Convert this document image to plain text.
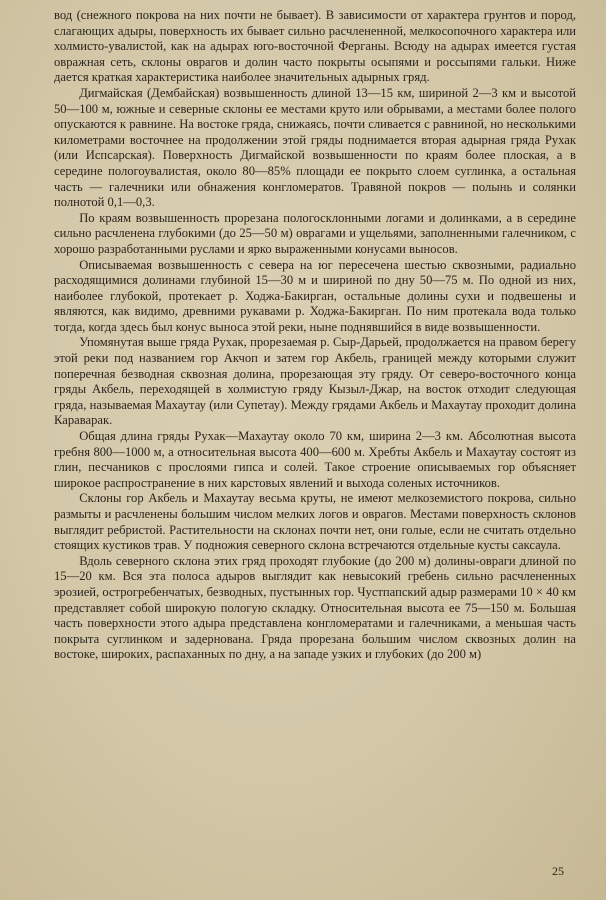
вод (снежного покрова на них почти не бывает). В зависимости от характера грунтов и пород, слагающих адыры, поверхность их бывает сильно расчлененной, мелкосопочного характера или холмисто-увалистой, как на адырах юго-восточной Ферганы. Всюду на адырах имеется густая овражная сеть, склоны оврагов и долин часто покрыты осыпями и россыпями гальки. Ниже дается краткая характеристика наиболее значительных адырных гряд.

Дигмайская (Дембайская) возвышенность длиной 13—15 км, шириной 2—3 км и высотой 50—100 м, южные и северные склоны ее местами круто или обрывами, а местами более полого опускаются к равнине. На востоке гряда, снижаясь, почти сливается с равниной, но несколькими километрами восточнее на продолжении этой гряды поднимается вторая адырная гряда Рухак (или Испсарская). Поверхность Дигмайской возвышенности по краям более плоская, а в середине пологоувалистая, около 80—85% площади ее покрыто слоем суглинка, а остальная часть — галечники или обнажения конгломератов. Травяной покров — полынь и солянки полнотой 0,1—0,3.

По краям возвышенность прорезана пологосклонными логами и долинками, а в середине сильно расчленена глубокими (до 25—50 м) оврагами и ущельями, заполненными галечником, с хорошо разработанными руслами и ярко выраженными конусами выносов.

Описываемая возвышенность с севера на юг пересечена шестью сквозными, радиально расходящимися долинами глубиной 15—30 м и шириной по дну 50—75 м. По одной из них, наиболее глубокой, протекает р. Ходжа-Бакирган, остальные долины сухи и подвешены и являются, как видимо, древними рукавами р. Ходжа-Бакирган. По ним протекала вода только тогда, когда здесь был конус выноса этой реки, ныне поднявшийся в виде возвышенности.

Упомянутая выше гряда Рухак, прорезаемая р. Сыр-Дарьей, продолжается на правом берегу этой реки под названием гор Акчоп и затем гор Акбель, границей между которыми служит поперечная безводная сквозная долина, прорезающая эту гряду. От северо-восточного конца гряды Акбель, переходящей в холмистую гряду Кызыл-Джар, на восток отходит следующая гряда, называемая Махаутау (или Супетау). Между грядами Акбель и Махаутау проходит долина Караварак.

Общая длина гряды Рухак—Махаутау около 70 км, ширина 2—3 км. Абсолютная высота гребня 800—1000 м, а относительная высота 400—600 м. Хребты Акбель и Махаутау состоят из глин, песчаников с прослоями гипса и солей. Такое строение описываемых гор объясняет широкое распространение в них карстовых явлений и выхода соленых источников.

Склоны гор Акбель и Махаутау весьма круты, не имеют мелкоземистого покрова, сильно размыты и расчленены большим числом мелких логов и оврагов. Местами поверхность склонов выглядит ребристой. Растительности на склонах почти нет, они голые, если не считать отдельно стоящих кустиков трав. У подножия северного склона встречаются отдельные кусты саксаула.

Вдоль северного склона этих гряд проходят глубокие (до 200 м) долины-овраги длиной по 15—20 км. Вся эта полоса адыров выглядит как невысокий гребень сильно расчлененных эрозией, острогребенчатых, безводных, пустынных гор. Чустпапский адыр размерами 10 × 40 км представляет собой широкую пологую складку. Относительная высота ее 75—150 м. Большая часть поверхности этого адыра представлена конгломератами и галечниками, а меньшая часть покрыта суглинком и задернована. Гряда прорезана большим числом сквозных долин на востоке, широких, распаханных по дну, а на западе узких и глубоких (до 200 м)

25
